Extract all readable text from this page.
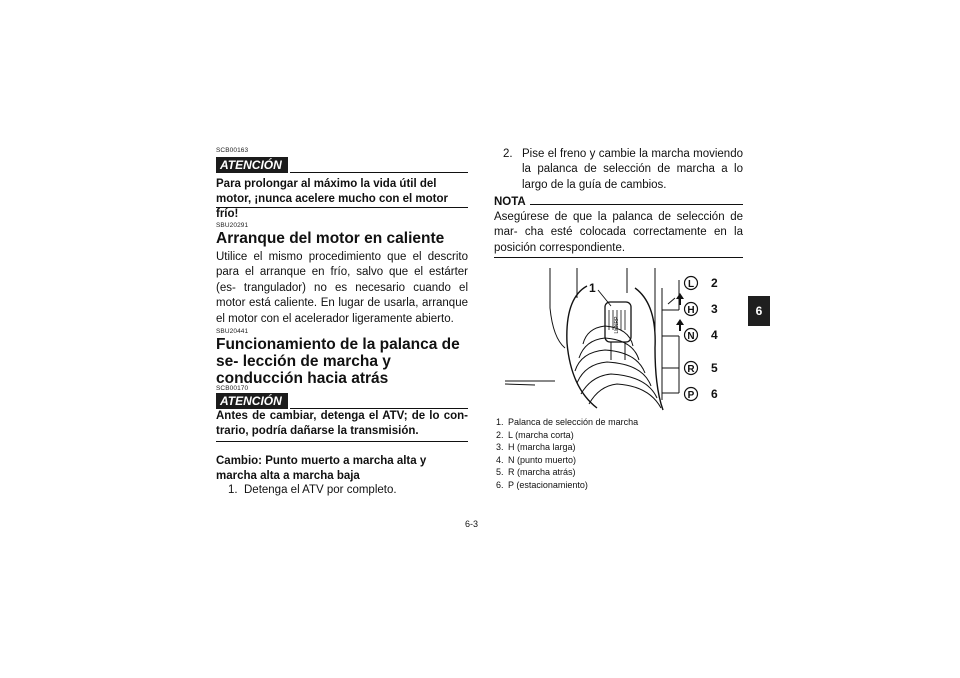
SCB00163
ATENCIÓN
Para prolongar al máximo la vida útil del motor, ¡nunca acelere mucho con el motor frío!
SBU20291
Arranque del motor en caliente
Utilice el mismo procedimiento que el descrito para el arranque en frío, salvo que el estárter (es- trangulador) no es necesario cuando el motor está caliente. En lugar de usarla, arranque el motor con el acelerador ligeramente abierto.
SBU20441
Funcionamiento de la palanca de se- lección de marcha y conducción hacia atrás
SCB00170
ATENCIÓN
Antes de cambiar, detenga el ATV; de lo con- trario, podría dañarse la transmisión.
Cambio: Punto muerto a marcha alta y marcha alta a marcha baja
1. Detenga el ATV por completo.
2. Pise el freno y cambie la marcha moviendo la palanca de selección de marcha a lo largo de la guía de cambios.
NOTA
Asegúrese de que la palanca de selección de mar- cha esté colocada correctamente en la posición correspondiente.
L
H
N
R
P
2
3
4
5
6
1
LHNRP
1. Palanca de selección de marcha
2. L (marcha corta)
3. H (marcha larga)
4. N (punto muerto)
5. R (marcha atrás)
6. P (estacionamiento)
6
6-3
